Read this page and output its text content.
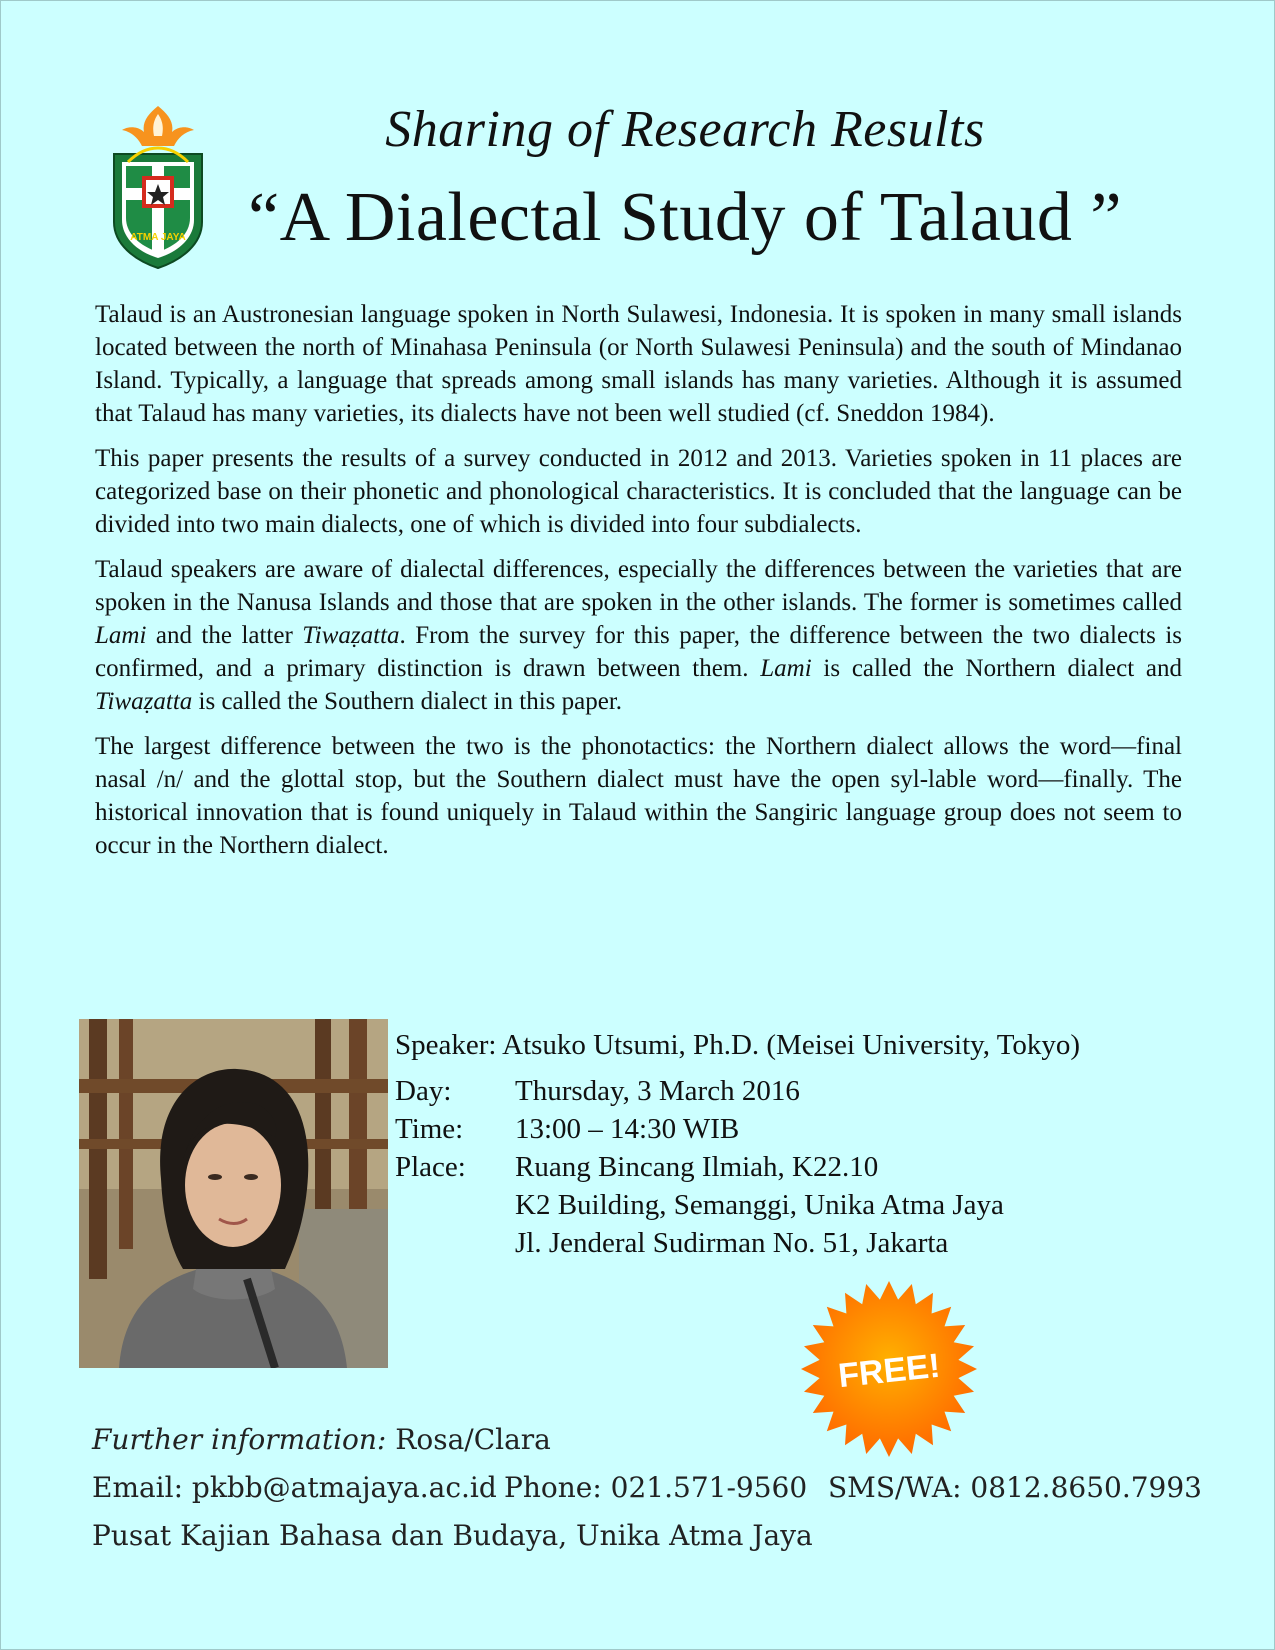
ATMA JAYA
Sharing of Research Results
“A Dialectal Study of Talaud ”

Talaud is an Austronesian language spoken in North Sulawesi, Indonesia. It is spoken in many small islands located between the north of Minahasa Peninsula (or North Sulawesi Peninsula) and the south of Mindanao Island. Typically, a language that spreads among small islands has many varieties. Although it is assumed that Talaud has many varieties, its dialects have not been well studied (cf. Sneddon 1984).

This paper presents the results of a survey conducted in 2012 and 2013. Varieties spoken in 11 places are categorized base on their phonetic and phonological characteristics. It is concluded that the language can be divided into two main dialects, one of which is divided into four subdialects.

Talaud speakers are aware of dialectal differences, especially the differences between the varieties that are spoken in the Nanusa Islands and those that are spoken in the other islands. The former is sometimes called Lami and the latter Tiwaẓatta. From the survey for this paper, the difference between the two dialects is confirmed, and a primary distinction is drawn between them. Lami is called the Northern dialect and Tiwaẓatta is called the Southern dialect in this paper.

The largest difference between the two is the phonotactics: the Northern dialect allows the word—final nasal /n/ and the glottal stop, but the Southern dialect must have the open syl-lable word—finally. The historical innovation that is found uniquely in Talaud within the Sangiric language group does not seem to occur in the Northern dialect.

Speaker: Atsuko Utsumi, Ph.D. (Meisei University, Tokyo)
Day:	Thursday, 3 March 2016
Time:	13:00 – 14:30 WIB
Place:	Ruang Bincang Ilmiah, K22.10
K2 Building, Semanggi, Unika Atma Jaya
Jl. Jenderal Sudirman No. 51, Jakarta
FREE!
Further information: Rosa/Clara
Email: pkbb@atmajaya.ac.id Phone: 021.571-9560 SMS/WA: 0812.8650.7993
Pusat Kajian Bahasa dan Budaya, Unika Atma Jaya
